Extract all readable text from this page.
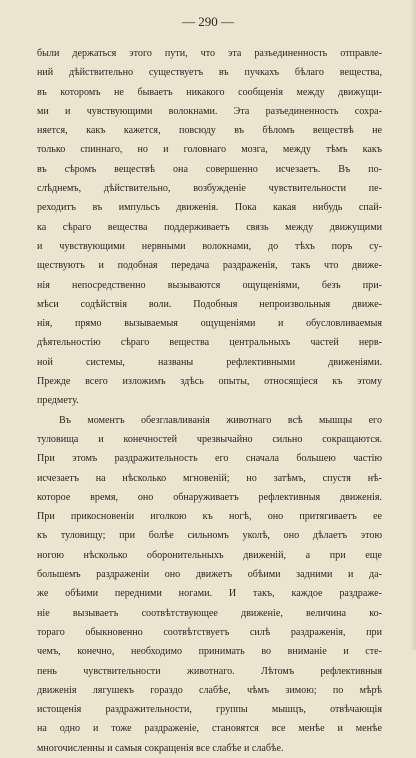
— 290 —
были держаться этого пути, что эта разъединенность отправле-
ний дѣйствительно существуетъ въ пучкахъ бѣлаго вещества,
въ которомъ не бываетъ никакого сообщенія между движущи-
ми и чувствующими волокнами. Эта разъединенность сохра-
няется, какъ кажется, повсюду въ бѣломъ веществѣ не
только спиннаго, но и головнаго мозга, между тѣмъ какъ
въ сѣромъ веществѣ она совершенно исчезаетъ. Въ по-
слѣднемъ, дѣйствительно, возбужденіе чувствительности пе-
реходитъ въ импульсъ движенія. Пока какая нибудь спай-
ка сѣраго вещества поддерживаетъ связь между движущими
и чувствующими нервными волокнами, до тѣхъ поръ су-
ществуютъ и подобная передача раздраженія, такъ что движе-
нія непосредственно вызываются ощущеніями, безъ при-
мѣси содѣйствія воли. Подобныя непроизвольныя движе-
нія, прямо вызываемыя ощущеніями и обусловливаемыя
дѣятельностію сѣраго вещества центральныхъ частей нерв-
ной системы, названы рефлективными движеніями.
Прежде всего изложимъ здѣсь опыты, относящіеся къ этому
предмету.
Въ моментъ обезглавливанія животнаго всѣ мышцы его
туловища и конечностей чрезвычайно сильно сокращаются.
При этомъ раздражительность его сначала большею частію
исчезаетъ на нѣсколько мгновеній; но затѣмъ, спустя нѣ-
которое время, оно обнаруживаетъ рефлективныя движенія.
При прикосновеніи иголкою къ ногѣ, оно притягиваетъ ее
къ туловищу; при болѣе сильномъ уколѣ, оно дѣлаетъ этою
ногою нѣсколько оборонительныхъ движеній, а при еще
большемъ раздраженіи оно движетъ обѣими задними и да-
же обѣими передними ногами. И такъ, каждое раздраже-
ніе вызываетъ соотвѣтствующее движеніе, величина ко-
тораго обыкновенно соотвѣтствуетъ силѣ раздраженія, при
чемъ, конечно, необходимо принимать во вниманіе и сте-
пень чувствительности животнаго. Лѣтомъ рефлективныя
движенія лягушекъ гораздо слабѣе, чѣмъ зимою; по мѣрѣ
истощенія раздражительности, группы мышцъ, отвѣчающія
на одно и тоже раздраженіе, становятся все менѣе и менѣе
многочисленны и самыя сокращенія все слабѣе и слабѣе.
